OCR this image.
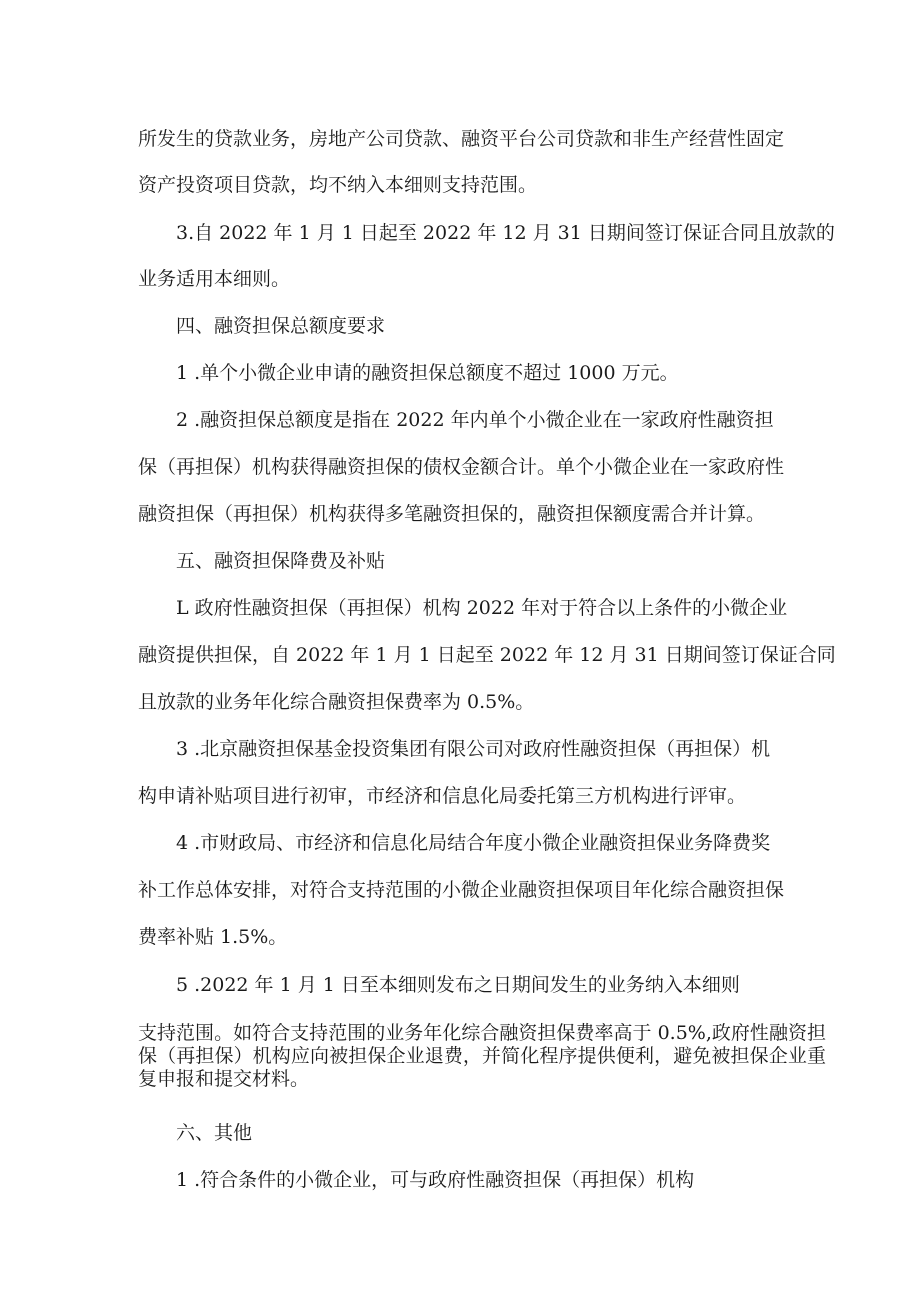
所发生的贷款业务，房地产公司贷款、融资平台公司贷款和非生产经营性固定

资产投资项目贷款，均不纳入本细则支持范围。

3.自 2022 年 1 月 1 日起至 2022 年 12 月 31 日期间签订保证合同且放款的

业务适用本细则。

四、融资担保总额度要求

1 .单个小微企业申请的融资担保总额度不超过 1000 万元。

2 .融资担保总额度是指在 2022 年内单个小微企业在一家政府性融资担

保（再担保）机构获得融资担保的债权金额合计。单个小微企业在一家政府性

融资担保（再担保）机构获得多笔融资担保的，融资担保额度需合并计算。

五、融资担保降费及补贴

L 政府性融资担保（再担保）机构 2022 年对于符合以上条件的小微企业

融资提供担保，自 2022 年 1 月 1 日起至 2022 年 12 月 31 日期间签订保证合同

且放款的业务年化综合融资担保费率为 0.5%。

3 .北京融资担保基金投资集团有限公司对政府性融资担保（再担保）机

构申请补贴项目进行初审，市经济和信息化局委托第三方机构进行评审。

4 .市财政局、市经济和信息化局结合年度小微企业融资担保业务降费奖

补工作总体安排，对符合支持范围的小微企业融资担保项目年化综合融资担保

费率补贴 1.5%。

5 .2022 年 1 月 1 日至本细则发布之日期间发生的业务纳入本细则

支持范围。如符合支持范围的业务年化综合融资担保费率高于 0.5%,政府性融资担保（再担保）机构应向被担保企业退费，并简化程序提供便利，避免被担保企业重复申报和提交材料。

六、其他

1 .符合条件的小微企业，可与政府性融资担保（再担保）机构
